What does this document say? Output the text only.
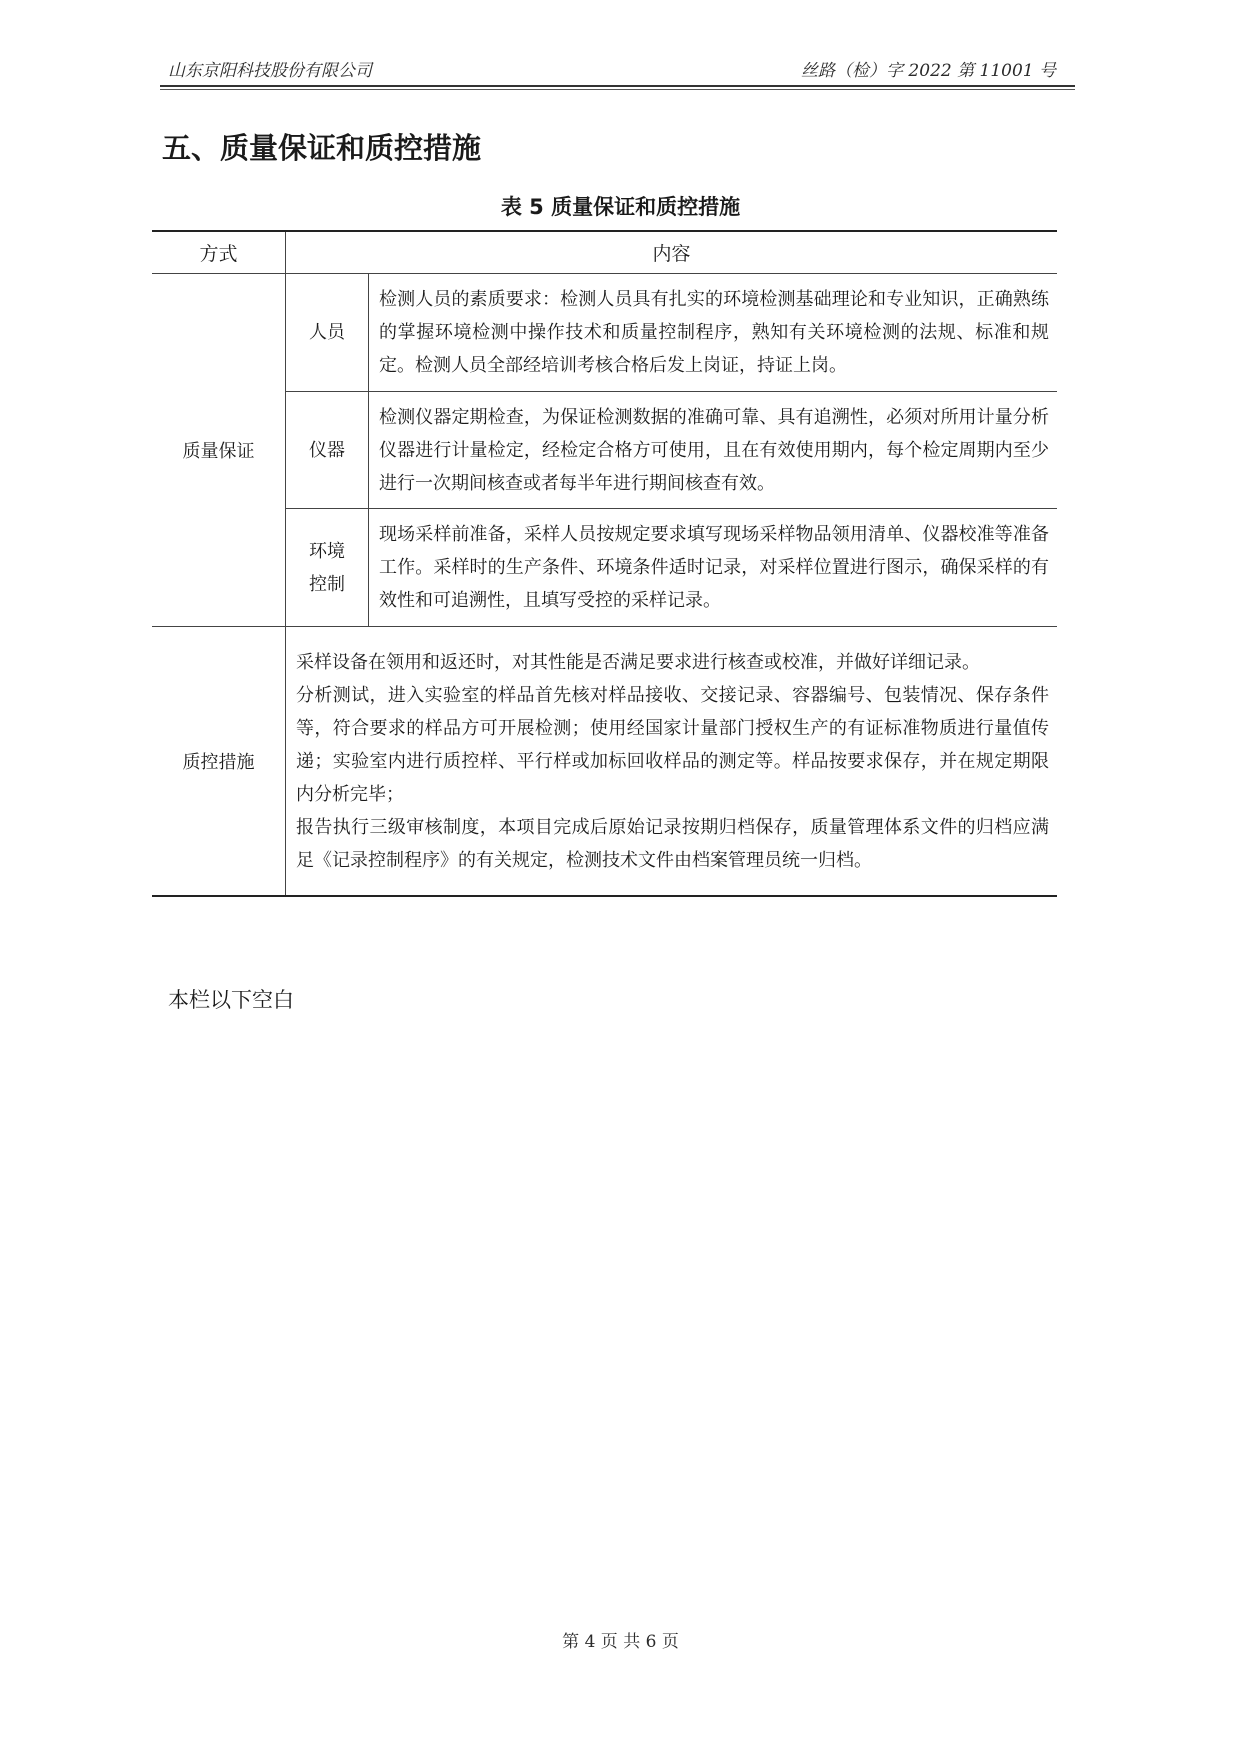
山东京阳科技股份有限公司	丝路（检）字 2022 第 11001 号
五、质量保证和质控措施
表 5 质量保证和质控措施
方式	内容	
质量保证	人员	检测人员的素质要求：检测人员具有扎实的环境检测基础理论和专业知识，正确熟练的掌握环境检测中操作技术和质量控制程序，熟知有关环境检测的法规、标准和规定。检测人员全部经培训考核合格后发上岗证，持证上岗。
	仪器	检测仪器定期检查，为保证检测数据的准确可靠、具有追溯性，必须对所用计量分析仪器进行计量检定，经检定合格方可使用，且在有效使用期内，每个检定周期内至少进行一次期间核查或者每半年进行期间核查有效。

	环境
控制	现场采样前准备，采样人员按规定要求填写现场采样物品领用清单、仪器校准等准备工作。采样时的生产条件、环境条件适时记录，对采样位置进行图示，确保采样的有效性和可追溯性，且填写受控的采样记录。
质控措施	采样设备在领用和返还时，对其性能是否满足要求进行核查或校准，并做好详细记录。

分析测试，进入实验室的样品首先核对样品接收、交接记录、容器编号、包装情况、保存条件等，符合要求的样品方可开展检测；使用经国家计量部门授权生产的有证标准物质进行量值传递；实验室内进行质控样、平行样或加标回收样品的测定等。样品按要求保存，并在规定期限内分析完毕；

报告执行三级审核制度，本项目完成后原始记录按期归档保存，质量管理体系文件的归档应满足《记录控制程序》的有关规定，检测技术文件由档案管理员统一归档。	

本栏以下空白
第 4 页 共 6 页
